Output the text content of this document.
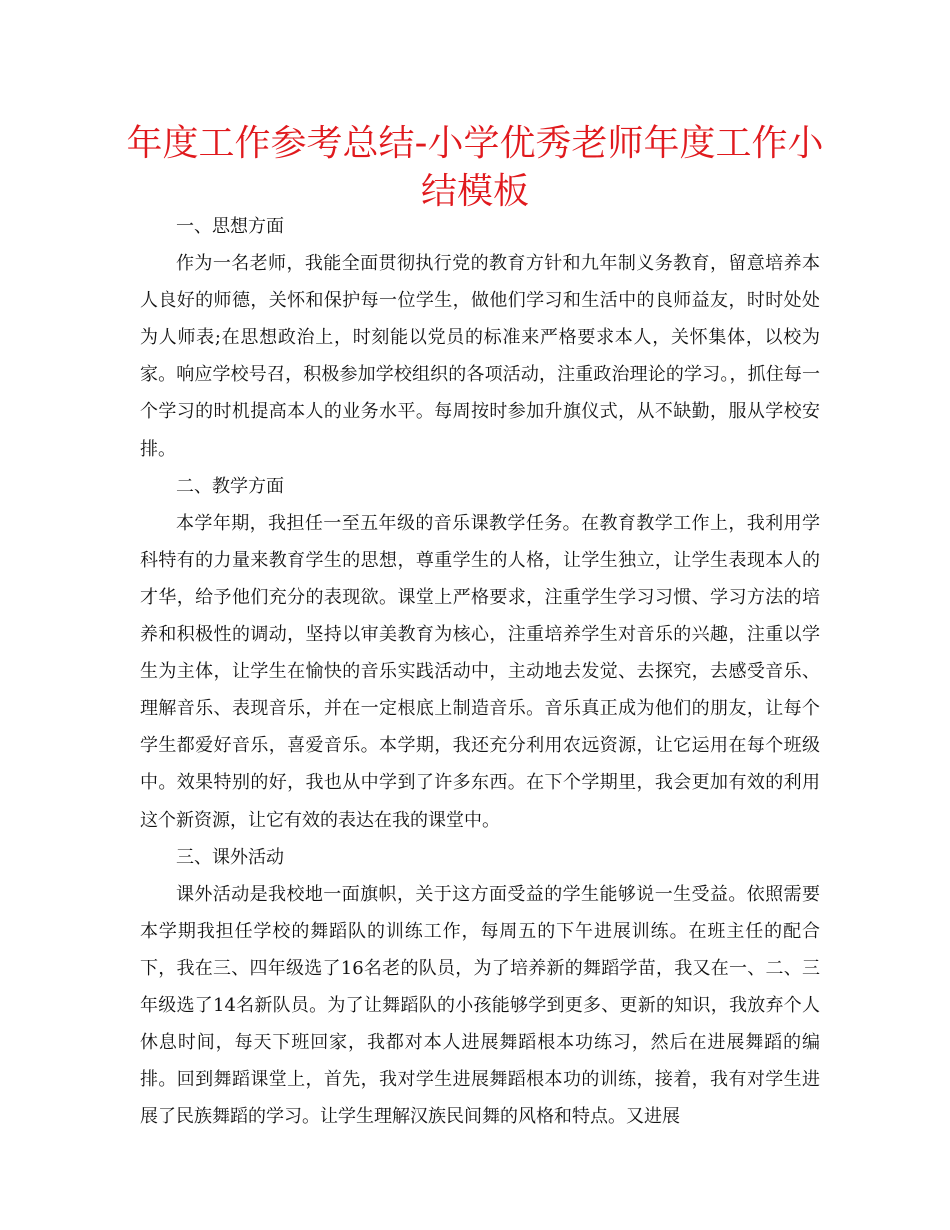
年度工作参考总结-小学优秀老师年度工作小结模板

一、思想方面

作为一名老师，我能全面贯彻执行党的教育方针和九年制义务教育，留意培养本人良好的师德，关怀和保护每一位学生，做他们学习和生活中的良师益友，时时处处为人师表;在思想政治上，时刻能以党员的标准来严格要求本人，关怀集体，以校为家。响应学校号召，积极参加学校组织的各项活动，注重政治理论的学习。，抓住每一个学习的时机提高本人的业务水平。每周按时参加升旗仪式，从不缺勤，服从学校安排。

二、教学方面

本学年期，我担任一至五年级的音乐课教学任务。在教育教学工作上，我利用学科特有的力量来教育学生的思想，尊重学生的人格，让学生独立，让学生表现本人的才华，给予他们充分的表现欲。课堂上严格要求，注重学生学习习惯、学习方法的培养和积极性的调动，坚持以审美教育为核心，注重培养学生对音乐的兴趣，注重以学生为主体，让学生在愉快的音乐实践活动中，主动地去发觉、去探究，去感受音乐、理解音乐、表现音乐，并在一定根底上制造音乐。音乐真正成为他们的朋友，让每个学生都爱好音乐，喜爱音乐。本学期，我还充分利用农远资源，让它运用在每个班级中。效果特别的好，我也从中学到了许多东西。在下个学期里，我会更加有效的利用这个新资源，让它有效的表达在我的课堂中。

三、课外活动

课外活动是我校地一面旗帜，关于这方面受益的学生能够说一生受益。依照需要本学期我担任学校的舞蹈队的训练工作，每周五的下午进展训练。在班主任的配合下，我在三、四年级选了16名老的队员，为了培养新的舞蹈学苗，我又在一、二、三年级选了14名新队员。为了让舞蹈队的小孩能够学到更多、更新的知识，我放弃个人休息时间，每天下班回家，我都对本人进展舞蹈根本功练习，然后在进展舞蹈的编排。回到舞蹈课堂上，首先，我对学生进展舞蹈根本功的训练，接着，我有对学生进展了民族舞蹈的学习。让学生理解汉族民间舞的风格和特点。又进展
